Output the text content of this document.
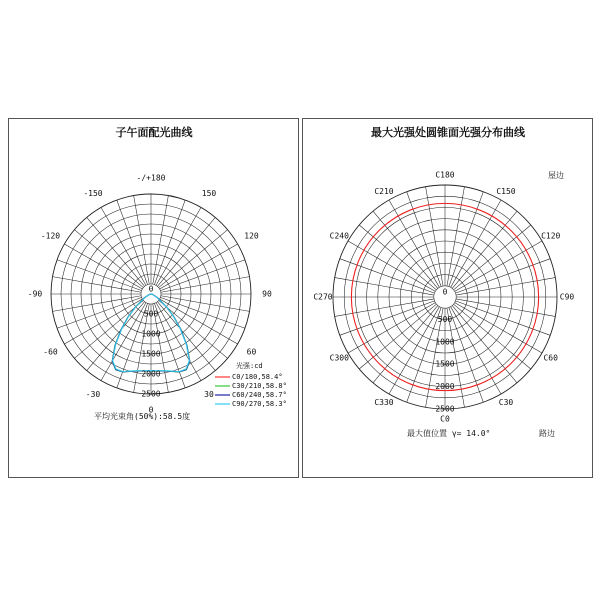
子午面配光曲线
-/+180
150
120
90
60
30
0
-30
-60
-90
-120
-150
0
500
1000
1500
2000
2500
光强:cd
C0/180,58.4°
C30/210,58.8°
C60/240,58.7°
C90/270,58.3°
平均光束角(50%):58.5度
最大光强处圆锥面光强分布曲线
C180
C150
C120
C90
C60
C30
C0
C330
C300
C270
C240
C210
0
500
1000
1500
2000
2500
屋边
路边
最大值位置 γ= 14.0°
